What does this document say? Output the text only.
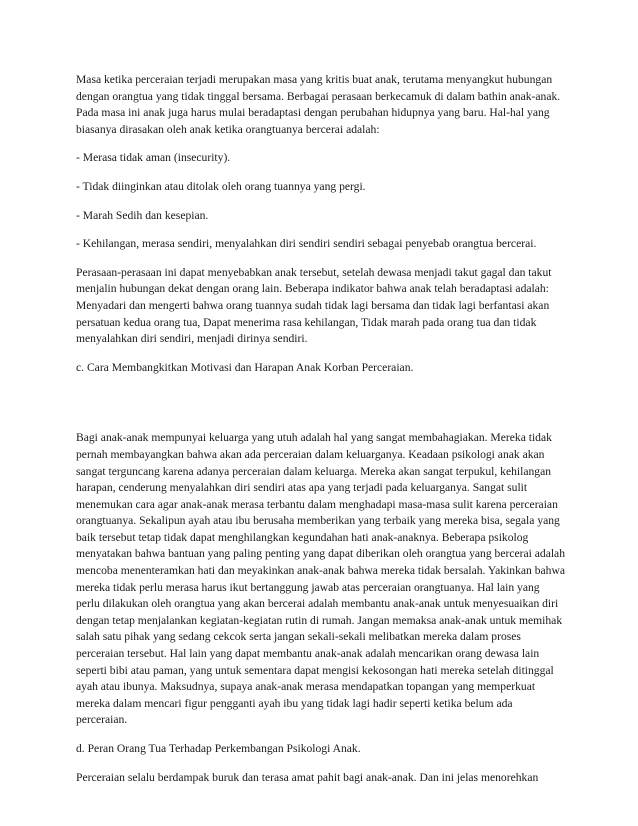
Masa ketika perceraian terjadi merupakan masa yang kritis buat anak, terutama menyangkut hubungan dengan orangtua yang tidak tinggal bersama. Berbagai perasaan berkecamuk di dalam bathin anak-anak. Pada masa ini anak juga harus mulai beradaptasi dengan perubahan hidupnya yang baru. Hal-hal yang biasanya dirasakan oleh anak ketika orangtuanya bercerai adalah:

- Merasa tidak aman (insecurity).

- Tidak diinginkan atau ditolak oleh orang tuannya yang pergi.

- Marah Sedih dan kesepian.

- Kehilangan, merasa sendiri, menyalahkan diri sendiri sendiri sebagai penyebab orangtua bercerai.

Perasaan-perasaan ini dapat menyebabkan anak tersebut, setelah dewasa menjadi takut gagal dan takut menjalin hubungan dekat dengan orang lain. Beberapa indikator bahwa anak telah beradaptasi adalah: Menyadari dan mengerti bahwa orang tuannya sudah tidak lagi bersama dan tidak lagi berfantasi akan persatuan kedua orang tua, Dapat menerima rasa kehilangan, Tidak marah pada orang tua dan tidak menyalahkan diri sendiri, menjadi dirinya sendiri.

c. Cara Membangkitkan Motivasi dan Harapan Anak Korban Perceraian.

Bagi anak-anak mempunyai keluarga yang utuh adalah hal yang sangat membahagiakan. Mereka tidak pernah membayangkan bahwa akan ada perceraian dalam keluarganya. Keadaan psikologi anak akan sangat terguncang karena adanya perceraian dalam keluarga. Mereka akan sangat terpukul, kehilangan harapan, cenderung menyalahkan diri sendiri atas apa yang terjadi pada keluarganya. Sangat sulit menemukan cara agar anak-anak merasa terbantu dalam menghadapi masa-masa sulit karena perceraian orangtuanya. Sekalipun ayah atau ibu berusaha memberikan yang terbaik yang mereka bisa, segala yang baik tersebut tetap tidak dapat menghilangkan kegundahan hati anak-anaknya. Beberapa psikolog menyatakan bahwa bantuan yang paling penting yang dapat diberikan oleh orangtua yang bercerai adalah mencoba menenteramkan hati dan meyakinkan anak-anak bahwa mereka tidak bersalah. Yakinkan bahwa mereka tidak perlu merasa harus ikut bertanggung jawab atas perceraian orangtuanya. Hal lain yang perlu dilakukan oleh orangtua yang akan bercerai adalah membantu anak-anak untuk menyesuaikan diri dengan tetap menjalankan kegiatan-kegiatan rutin di rumah. Jangan memaksa anak-anak untuk memihak salah satu pihak yang sedang cekcok serta jangan sekali-sekali melibatkan mereka dalam proses perceraian tersebut. Hal lain yang dapat membantu anak-anak adalah mencarikan orang dewasa lain seperti bibi atau paman, yang untuk sementara dapat mengisi kekosongan hati mereka setelah ditinggal ayah atau ibunya. Maksudnya, supaya anak-anak merasa mendapatkan topangan yang memperkuat mereka dalam mencari figur pengganti ayah ibu yang tidak lagi hadir seperti ketika belum ada perceraian.

d. Peran Orang Tua Terhadap Perkembangan Psikologi Anak.

Perceraian selalu berdampak buruk dan terasa amat pahit bagi anak-anak. Dan ini jelas menorehkan
